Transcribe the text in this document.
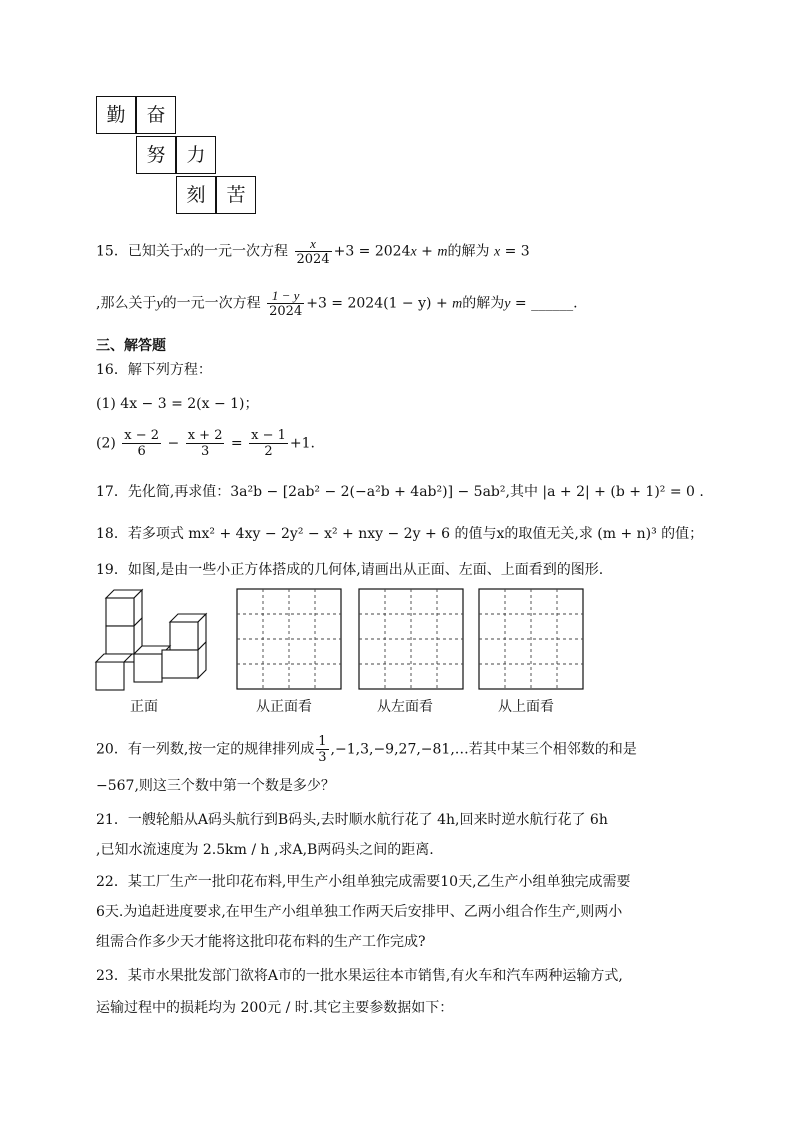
勤	奋
努	力
刻	苦
15．已知关于x的一元一次方程 $\frac{x}{2024} +3 = 2024x + m$的解为 x = 3
,那么关于y的一元一次方程 $\frac{1 - y}{2024} +3 = 2024(1 - y) + m$的解为y = ______.
三、解答题
16．解下列方程：
(1) 4x − 3 = 2(x − 1)；
$(2) \frac{x - 2}{6} - \frac{x + 2}{3} = \frac{x - 1}{2} +1$.
17．先化简,再求值：3a²b − [2ab² − 2(−a²b + 4ab²)] − 5ab²,其中 |a + 2| + (b + 1)² = 0 .
18．若多项式 mx² + 4xy − 2y² − x² + nxy − 2y + 6 的值与x的取值无关,求 (m + n)³ 的值；
19．如图,是由一些小正方体搭成的几何体,请画出从正面、左面、上面看到的图形.
正面	从正面看	从左面看	从上面看
20．有一列数,按一定的规律排列成 $\frac{1}{3}$ ,−1,3,−9,27,−81,…若其中某三个相邻数的和是
−567,则这三个数中第一个数是多少？
21．一艘轮船从A码头航行到B码头,去时顺水航行花了 4h,回来时逆水航行花了 6h
,已知水流速度为 2.5km / h ,求A,B两码头之间的距离.
22．某工厂生产一批印花布料,甲生产小组单独完成需要10天,乙生产小组单独完成需要
6天.为追赶进度要求,在甲生产小组单独工作两天后安排甲、乙两小组合作生产,则两小
组需合作多少天才能将这批印花布料的生产工作完成?
23．某市水果批发部门欲将A市的一批水果运往本市销售,有火车和汽车两种运输方式,
运输过程中的损耗均为 200元 / 时.其它主要参数据如下：
